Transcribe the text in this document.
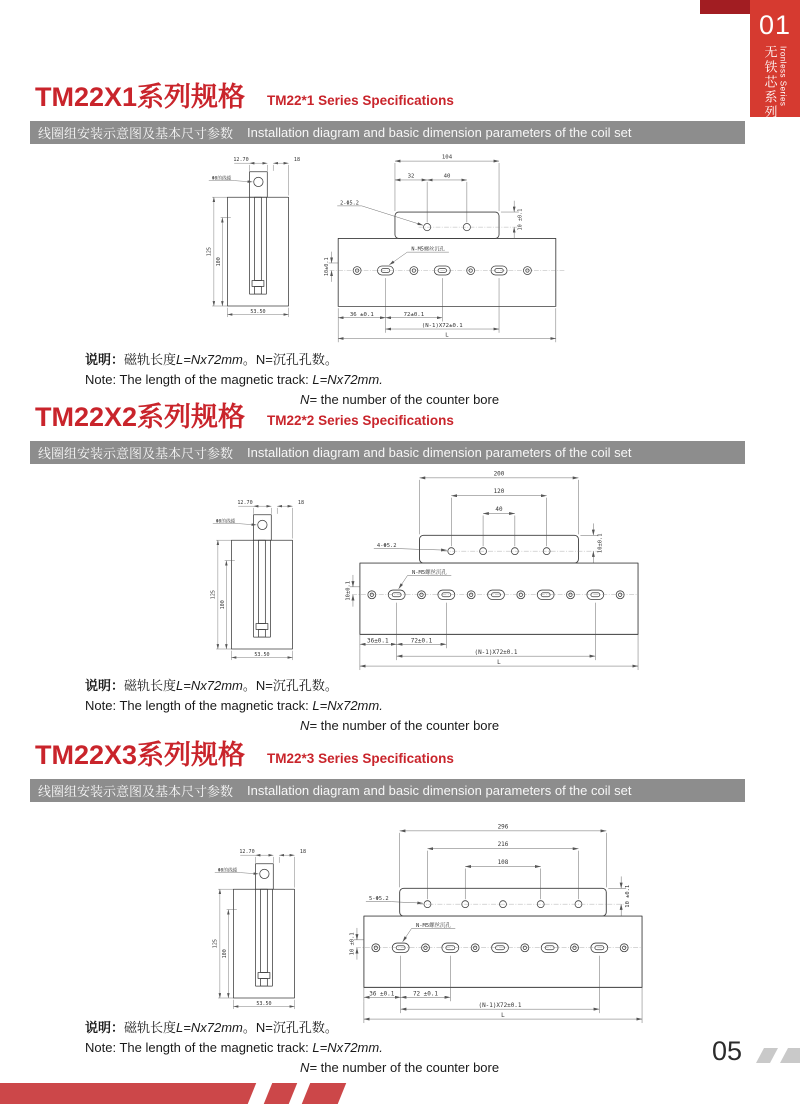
01
无铁芯系列 Ironless Series
TM22X1系列规格 TM22*1 Series Specifications
线圈组安装示意图及基本尺寸参数 Installation diagram and basic dimension parameters of the coil set
12.70	18
Φ8的线缆
125
100
53.50
104
32	40
10 ±0.1
2-Φ5.2
N-M5螺丝沉孔
10±0.1
36 ±0.1	72±0.1
(N-1)X72±0.1
L
说明：磁轨长度L=Nx72mm。N=沉孔孔数。
Note: The length of the magnetic track: L=Nx72mm.
N= the number of the counter bore
TM22X2系列规格 TM22*2 Series Specifications
线圈组安装示意图及基本尺寸参数 Installation diagram and basic dimension parameters of the coil set
12.70	18
Φ8的线缆
125
100
53.50
200
120
40
10±0.1
4-Φ5.2
N-M5螺丝沉孔
10±0.1
36±0.1	72±0.1
(N-1)X72±0.1
L
说明：磁轨长度L=Nx72mm。N=沉孔孔数。
Note: The length of the magnetic track: L=Nx72mm.
N= the number of the counter bore
TM22X3系列规格 TM22*3 Series Specifications
线圈组安装示意图及基本尺寸参数 Installation diagram and basic dimension parameters of the coil set
12.70	18
Φ8的线缆
125
100
53.50
296
216
108
10 ±0.1
5-Φ5.2
N-M5螺丝沉孔
10 ±0.1
36 ±0.1	72 ±0.1
(N-1)X72±0.1
L
说明：磁轨长度L=Nx72mm。N=沉孔孔数。
Note: The length of the magnetic track: L=Nx72mm.
N= the number of the counter bore
05
